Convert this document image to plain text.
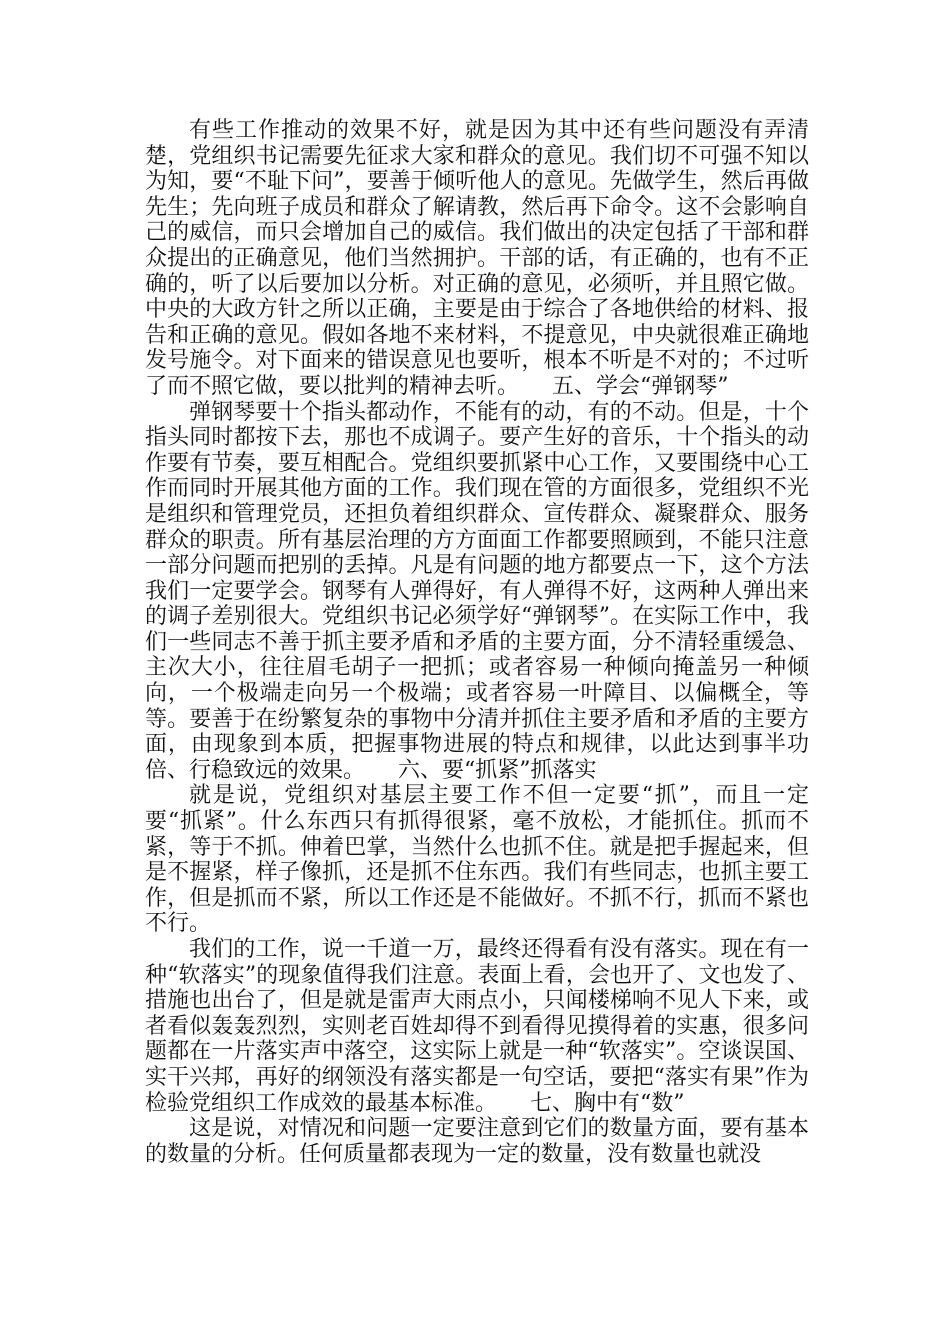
有些工作推动的效果不好，就是因为其中还有些问题没有弄清楚，党组织书记需要先征求大家和群众的意见。我们切不可强不知以为知，要“不耻下问”，要善于倾听他人的意见。先做学生，然后再做先生；先向班子成员和群众了解请教，然后再下命令。这不会影响自己的威信，而只会增加自己的威信。我们做出的决定包括了干部和群众提出的正确意见，他们当然拥护。干部的话，有正确的，也有不正确的，听了以后要加以分析。对正确的意见，必须听，并且照它做。中央的大政方针之所以正确，主要是由于综合了各地供给的材料、报告和正确的意见。假如各地不来材料，不提意见，中央就很难正确地发号施令。对下面来的错误意见也要听，根本不听是不对的；不过听了而不照它做，要以批判的精神去听。　　五、学会“弹钢琴”

弹钢琴要十个指头都动作，不能有的动，有的不动。但是，十个指头同时都按下去，那也不成调子。要产生好的音乐，十个指头的动作要有节奏，要互相配合。党组织要抓紧中心工作，又要围绕中心工作而同时开展其他方面的工作。我们现在管的方面很多，党组织不光是组织和管理党员，还担负着组织群众、宣传群众、凝聚群众、服务群众的职责。所有基层治理的方方面面工作都要照顾到，不能只注意一部分问题而把别的丢掉。凡是有问题的地方都要点一下，这个方法我们一定要学会。钢琴有人弹得好，有人弹得不好，这两种人弹出来的调子差别很大。党组织书记必须学好“弹钢琴”。在实际工作中，我们一些同志不善于抓主要矛盾和矛盾的主要方面，分不清轻重缓急、主次大小，往往眉毛胡子一把抓；或者容易一种倾向掩盖另一种倾向，一个极端走向另一个极端；或者容易一叶障目、以偏概全，等等。要善于在纷繁复杂的事物中分清并抓住主要矛盾和矛盾的主要方面，由现象到本质，把握事物进展的特点和规律，以此达到事半功倍、行稳致远的效果。　　六、要“抓紧”抓落实

就是说，党组织对基层主要工作不但一定要“抓”，而且一定要“抓紧”。什么东西只有抓得很紧，毫不放松，才能抓住。抓而不紧，等于不抓。伸着巴掌，当然什么也抓不住。就是把手握起来，但是不握紧，样子像抓，还是抓不住东西。我们有些同志，也抓主要工作，但是抓而不紧，所以工作还是不能做好。不抓不行，抓而不紧也不行。

我们的工作，说一千道一万，最终还得看有没有落实。现在有一种“软落实”的现象值得我们注意。表面上看，会也开了、文也发了、措施也出台了，但是就是雷声大雨点小，只闻楼梯响不见人下来，或者看似轰轰烈烈，实则老百姓却得不到看得见摸得着的实惠，很多问题都在一片落实声中落空，这实际上就是一种“软落实”。空谈误国、实干兴邦，再好的纲领没有落实都是一句空话，要把“落实有果”作为检验党组织工作成效的最基本标准。　　七、胸中有“数”

这是说，对情况和问题一定要注意到它们的数量方面，要有基本的数量的分析。任何质量都表现为一定的数量，没有数量也就没
